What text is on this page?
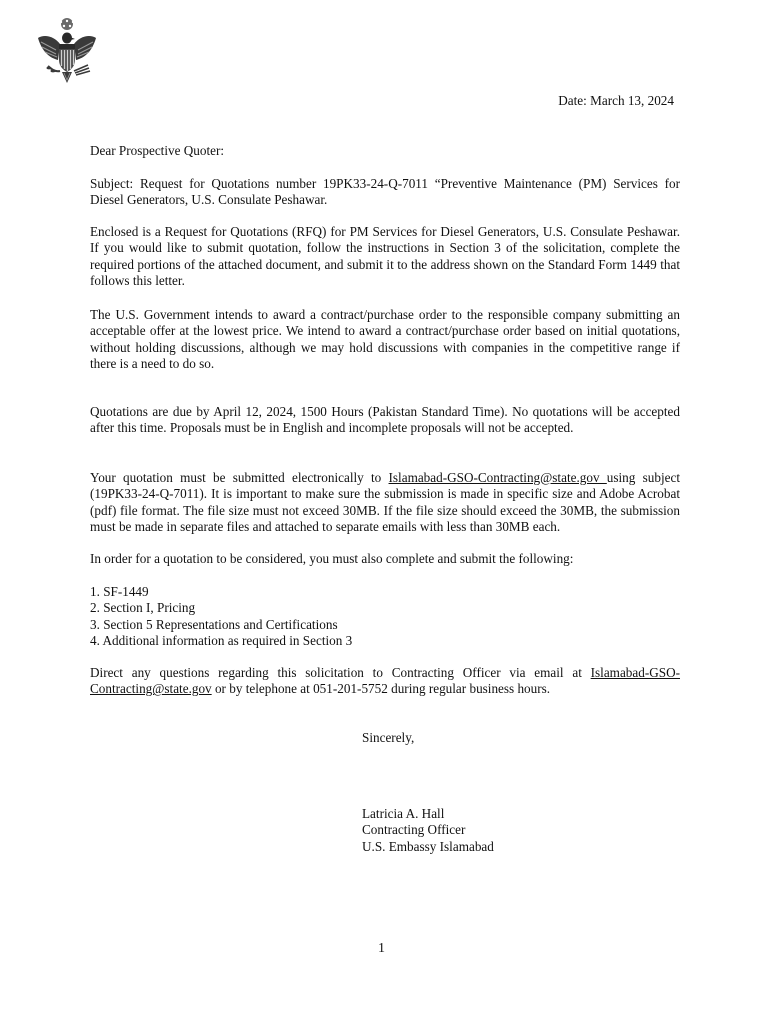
Date: March 13, 2024
Dear Prospective Quoter:
Subject: Request for Quotations number 19PK33-24-Q-7011 “Preventive Maintenance (PM) Services for Diesel Generators, U.S. Consulate Peshawar.
Enclosed is a Request for Quotations (RFQ) for PM Services for Diesel Generators, U.S. Consulate Peshawar. If you would like to submit quotation, follow the instructions in Section 3 of the solicitation, complete the required portions of the attached document, and submit it to the address shown on the Standard Form 1449 that follows this letter.
The U.S. Government intends to award a contract/purchase order to the responsible company submitting an acceptable offer at the lowest price. We intend to award a contract/purchase order based on initial quotations, without holding discussions, although we may hold discussions with companies in the competitive range if there is a need to do so.
Quotations are due by April 12, 2024, 1500 Hours (Pakistan Standard Time). No quotations will be accepted after this time. Proposals must be in English and incomplete proposals will not be accepted.
Your quotation must be submitted electronically to Islamabad-GSO-Contracting@state.gov using subject (19PK33-24-Q-7011). It is important to make sure the submission is made in specific size and Adobe Acrobat (pdf) file format. The file size must not exceed 30MB. If the file size should exceed the 30MB, the submission must be made in separate files and attached to separate emails with less than 30MB each.
In order for a quotation to be considered, you must also complete and submit the following:
1. SF-1449
2. Section I, Pricing
3. Section 5 Representations and Certifications
4. Additional information as required in Section 3
Direct any questions regarding this solicitation to Contracting Officer via email at Islamabad-GSO-Contracting@state.gov or by telephone at 051-201-5752 during regular business hours.
Sincerely,
Latricia A. Hall
Contracting Officer
U.S. Embassy Islamabad
1
